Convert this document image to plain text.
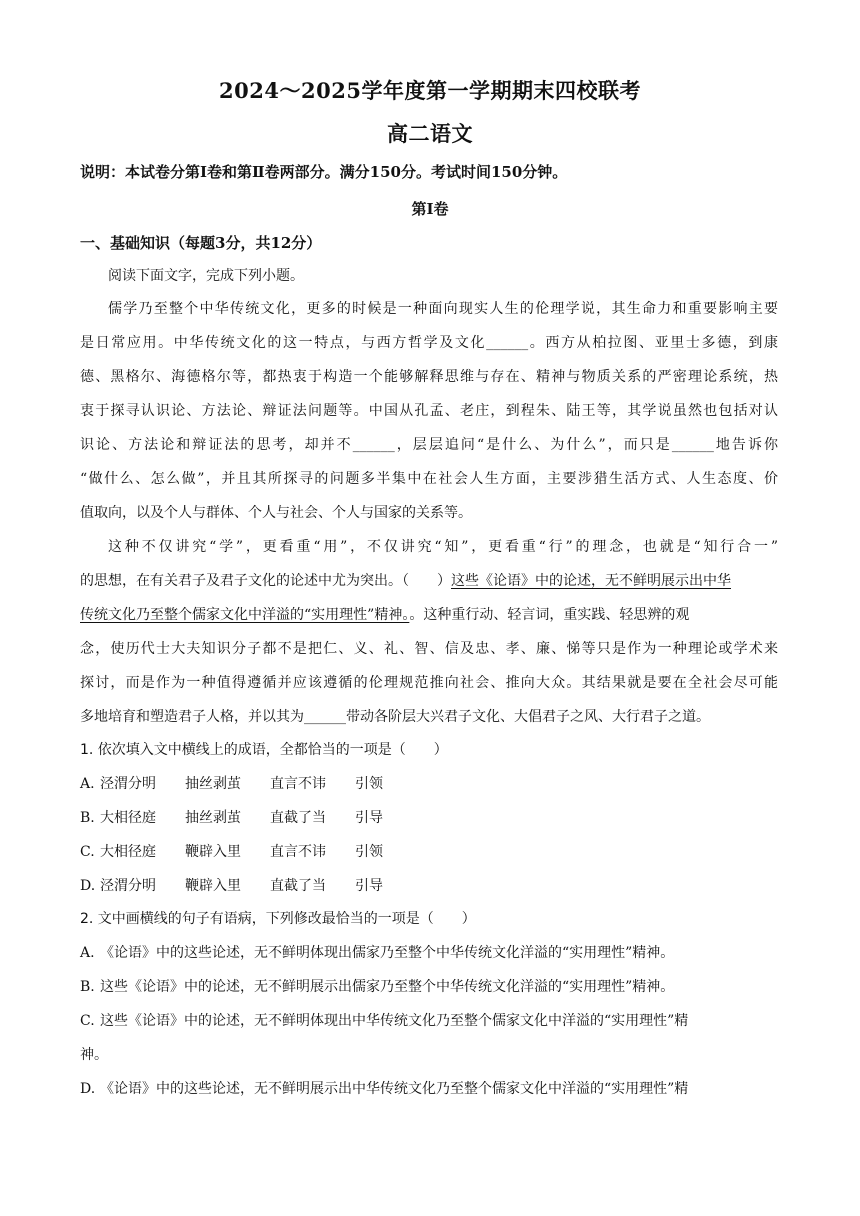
2024～2025学年度第一学期期末四校联考
高二语文
说明：本试卷分第Ⅰ卷和第Ⅱ卷两部分。满分150分。考试时间150分钟。
第Ⅰ卷
一、基础知识（每题3分，共12分）
阅读下面文字，完成下列小题。
儒学乃至整个中华传统文化，更多的时候是一种面向现实人生的伦理学说，其生命力和重要影响主要
是日常应用。中华传统文化的这一特点，与西方哲学及文化______。西方从柏拉图、亚里士多德，到康
德、黑格尔、海德格尔等，都热衷于构造一个能够解释思维与存在、精神与物质关系的严密理论系统，热
衷于探寻认识论、方法论、辩证法问题等。中国从孔孟、老庄，到程朱、陆王等，其学说虽然也包括对认
识论、方法论和辩证法的思考，却并不______，层层追问“是什么、为什么”，而只是______地告诉你
“做什么、怎么做”，并且其所探寻的问题多半集中在社会人生方面，主要涉猎生活方式、人生态度、价
值取向，以及个人与群体、个人与社会、个人与国家的关系等。
这种不仅讲究“学”，更看重“用”，不仅讲究“知”，更看重“行”的理念，也就是“知行合一”
的思想，在有关君子及君子文化的论述中尤为突出。（　　）这些《论语》中的论述，无不鲜明展示出中华
传统文化乃至整个儒家文化中洋溢的“实用理性”精神。。这种重行动、轻言词，重实践、轻思辨的观
念，使历代士大夫知识分子都不是把仁、义、礼、智、信及忠、孝、廉、悌等只是作为一种理论或学术来
探讨，而是作为一种值得遵循并应该遵循的伦理规范推向社会、推向大众。其结果就是要在全社会尽可能
多地培育和塑造君子人格，并以其为______带动各阶层大兴君子文化、大倡君子之风、大行君子之道。
1. 依次填入文中横线上的成语，全都恰当的一项是（　　）
A. 泾渭分明 抽丝剥茧 直言不讳 引领
B. 大相径庭 抽丝剥茧 直截了当 引导
C. 大相径庭 鞭辟入里 直言不讳 引领
D. 泾渭分明 鞭辟入里 直截了当 引导
2. 文中画横线的句子有语病，下列修改最恰当的一项是（　　）
A. 《论语》中的这些论述，无不鲜明体现出儒家乃至整个中华传统文化洋溢的“实用理性”精神。
B. 这些《论语》中的论述，无不鲜明展示出儒家乃至整个中华传统文化洋溢的“实用理性”精神。
C. 这些《论语》中的论述，无不鲜明体现出中华传统文化乃至整个儒家文化中洋溢的“实用理性”精
神。
D. 《论语》中的这些论述，无不鲜明展示出中华传统文化乃至整个儒家文化中洋溢的“实用理性”精
